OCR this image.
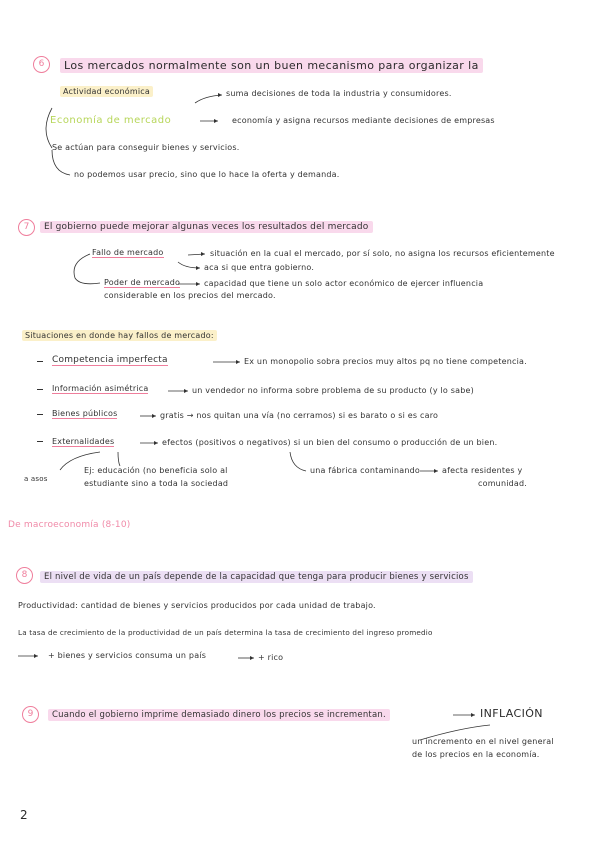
6	Los mercados normalmente son un buen mecanismo para organizar la
Actividad económica	suma decisiones de toda la industria y consumidores.
Economía de mercado	economía y asigna recursos mediante decisiones de empresas
Se actúan para conseguir bienes y servicios.
no podemos usar precio, sino que lo hace la oferta y demanda.
7	El gobierno puede mejorar algunas veces los resultados del mercado
Fallo de mercado	situación en la cual el mercado, por sí solo, no asigna los recursos eficientemente
aca si que entra gobierno.
Poder de mercado	capacidad que tiene un solo actor económico de ejercer influencia
considerable en los precios del mercado.
Situaciones en donde hay fallos de mercado:
Competencia imperfecta	Ex un monopolio sobra precios muy altos pq no tiene competencia.
Información asimétrica	un vendedor no informa sobre problema de su producto (y lo sabe)
Bienes públicos	gratis → nos quitan una vía (no cerramos) si es barato o si es caro
Externalidades	efectos (positivos o negativos) si un bien del consumo o producción de un bien.
a asos
Ej: educación (no beneficia solo al
estudiante sino a toda la sociedad
una fábrica contaminando	afecta residentes y
comunidad.
De macroeconomía (8-10)
8	El nivel de vida de un país depende de la capacidad que tenga para producir bienes y servicios
Productividad: cantidad de bienes y servicios producidos por cada unidad de trabajo.
La tasa de crecimiento de la productividad de un país determina la tasa de crecimiento del ingreso promedio
+ bienes y servicios consuma un país	+ rico
9	Cuando el gobierno imprime demasiado dinero los precios se incrementan.	INFLACIÓN
un incremento en el nivel general
de los precios en la economía.
2
